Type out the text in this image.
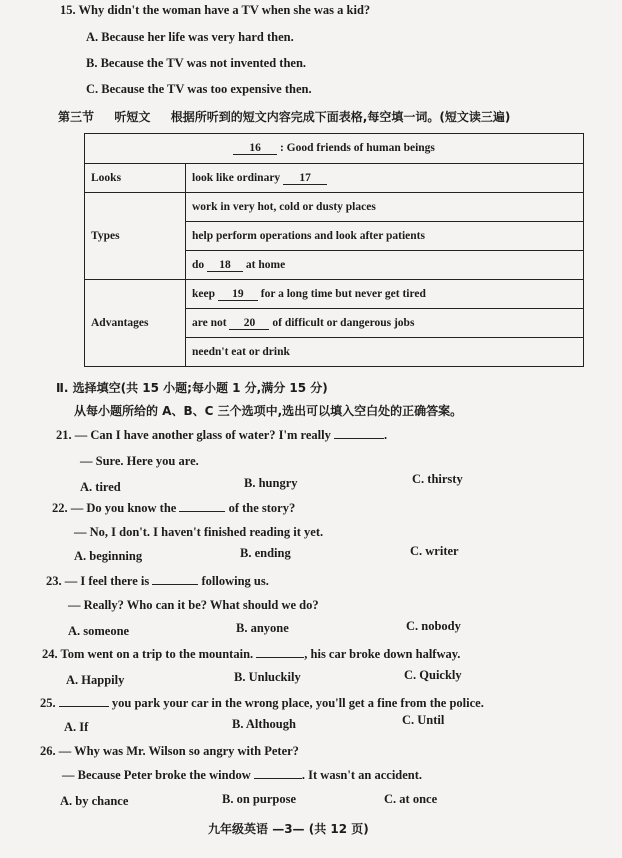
15. Why didn't the woman have a TV when she was a kid?
A. Because her life was very hard then.
B. Because the TV was not invented then.
C. Because the TV was too expensive then.
第三节 听短文 根据所听到的短文内容完成下面表格,每空填一词。(短文读三遍)
16 : Good friends of human beings	
Looks	look like ordinary 17
Types	work in very hot, cold or dusty places
	help perform operations and look after patients
	do 18 at home
Advantages	keep 19 for a long time but never get tired
	are not 20 of difficult or dangerous jobs
	needn't eat or drink
Ⅱ. 选择填空(共 15 小题;每小题 1 分,满分 15 分)
从每小题所给的 A、B、C 三个选项中,选出可以填入空白处的正确答案。
21. — Can I have another glass of water? I'm really	.
— Sure. Here you are.
A. tired	B. hungry	C. thirsty
22. — Do you know the	of the story?
— No, I don't. I haven't finished reading it yet.
A. beginning	B. ending	C. writer
23. — I feel there is	following us.
— Really? Who can it be? What should we do?
A. someone	B. anyone	C. nobody
24. Tom went on a trip to the mountain.	, his car broke down halfway.
A. Happily	B. Unluckily	C. Quickly
25.	you park your car in the wrong place, you'll get a fine from the police.
A. If	B. Although	C. Until
26. — Why was Mr. Wilson so angry with Peter?
— Because Peter broke the window	. It wasn't an accident.
A. by chance	B. on purpose	C. at once
九年级英语 —3— (共 12 页)
